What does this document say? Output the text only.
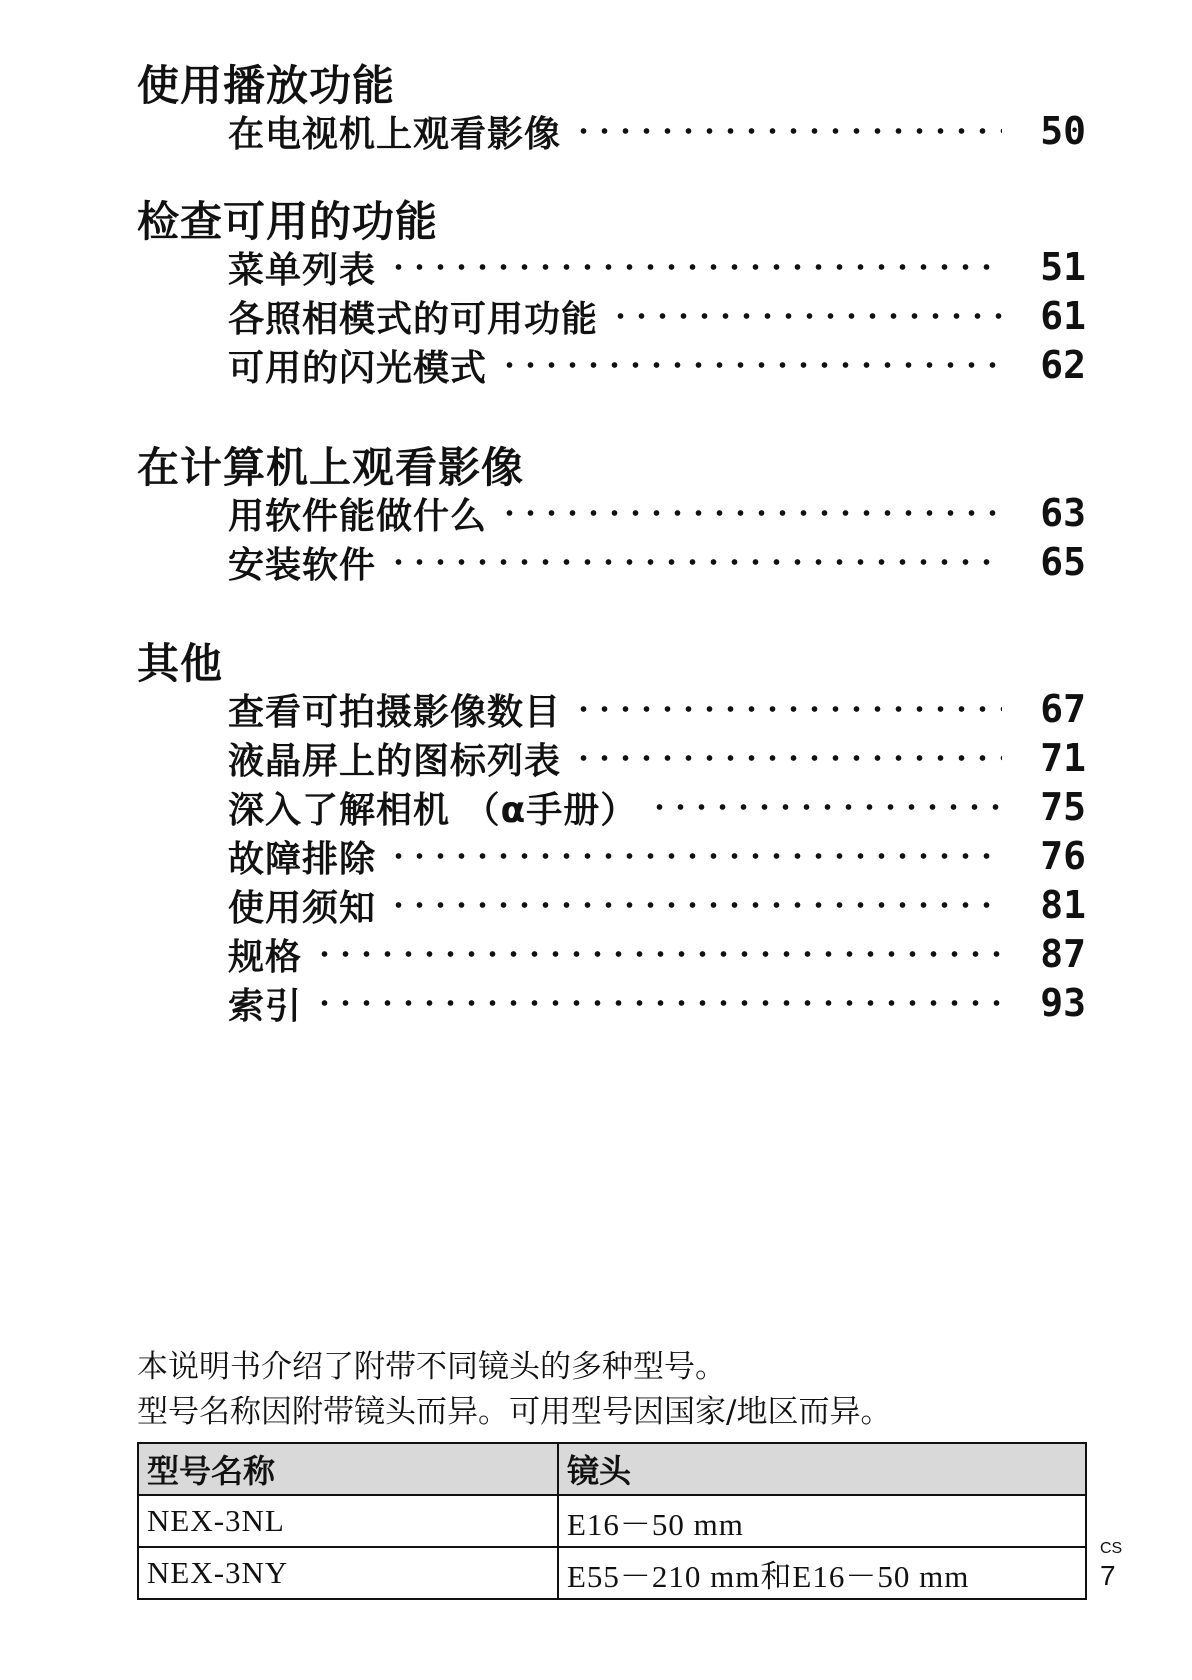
使用播放功能
在电视机上观看影像	50
检查可用的功能
菜单列表	51
各照相模式的可用功能	61
可用的闪光模式	62
在计算机上观看影像
用软件能做什么	63
安装软件	65
其他
查看可拍摄影像数目	67
液晶屏上的图标列表	71
深入了解相机 （α手册）	75
故障排除	76
使用须知	81
规格	87
索引	93
本说明书介绍了附带不同镜头的多种型号。
型号名称因附带镜头而异。可用型号因国家/地区而异。
型号名称	镜头
NEX-3NL	E16－50 mm
NEX-3NY	E55－210 mm和E16－50 mm
CS
7
